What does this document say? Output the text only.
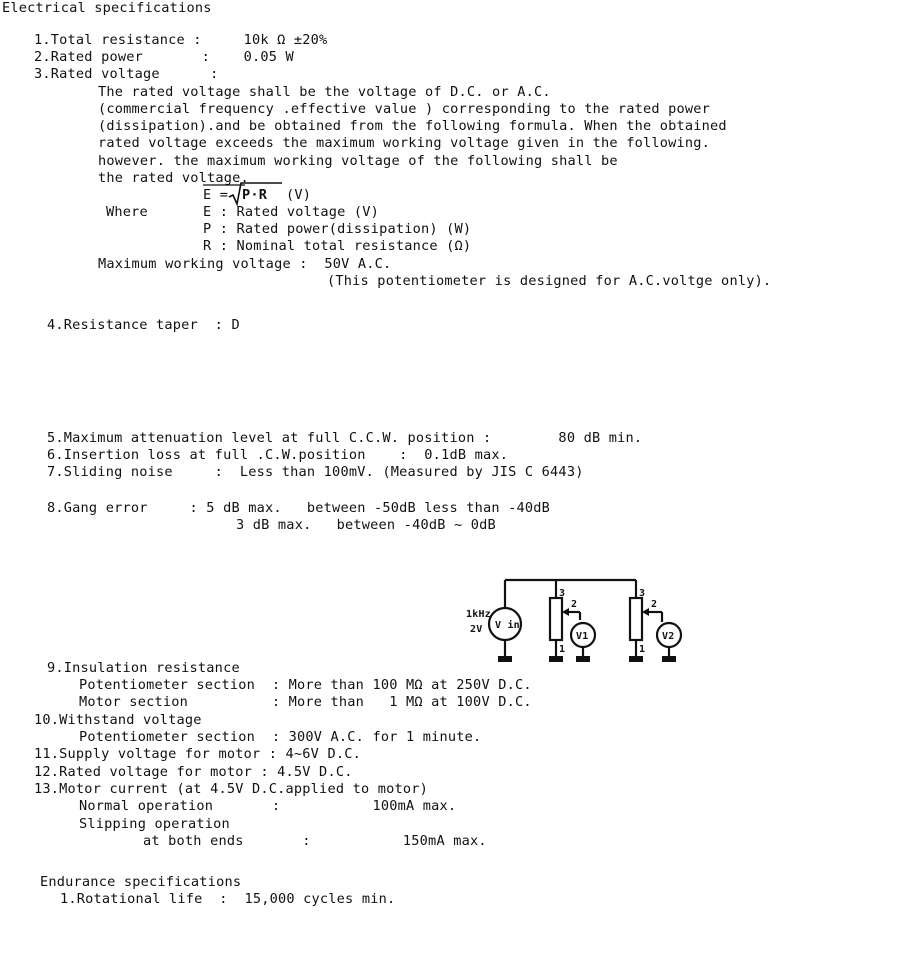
Electrical specifications
1.Total resistance :     10k Ω ±20%
2.Rated power       :    0.05 W
3.Rated voltage      :
The rated voltage shall be the voltage of D.C. or A.C.
(commercial frequency .effective value ) corresponding to the rated power
(dissipation).and be obtained from the following formula. When the obtained
rated voltage exceeds the maximum working voltage given in the following.
however. the maximum working voltage of the following shall be
the rated voltage.
E = P·R (V)
Where	E : Rated voltage (V)
P : Rated power(dissipation) (W)
R : Nominal total resistance (Ω)
Maximum working voltage :  50V A.C.
(This potentiometer is designed for A.C.voltge only).
4.Resistance taper  : D
5.Maximum attenuation level at full C.C.W. position :        80 dB min.
6.Insertion loss at full .C.W.position    :  0.1dB max.
7.Sliding noise     :  Less than 100mV. (Measured by JIS C 6443)
8.Gang error     : 5 dB max.   between -50dB less than -40dB
3 dB max.   between -40dB ~ 0dB
9.Insulation resistance
Potentiometer section  : More than 100 MΩ at 250V D.C.
Motor section          : More than   1 MΩ at 100V D.C.
10.Withstand voltage
Potentiometer section  : 300V A.C. for 1 minute.
11.Supply voltage for motor : 4~6V D.C.
12.Rated voltage for motor : 4.5V D.C.
13.Motor current (at 4.5V D.C.applied to motor)
Normal operation       :           100mA max.
Slipping operation
at both ends       :           150mA max.
Endurance specifications
1.Rotational life  :  15,000 cycles min.
1kHz
2V V in
V1	V2
3	3
2	2
1	1
